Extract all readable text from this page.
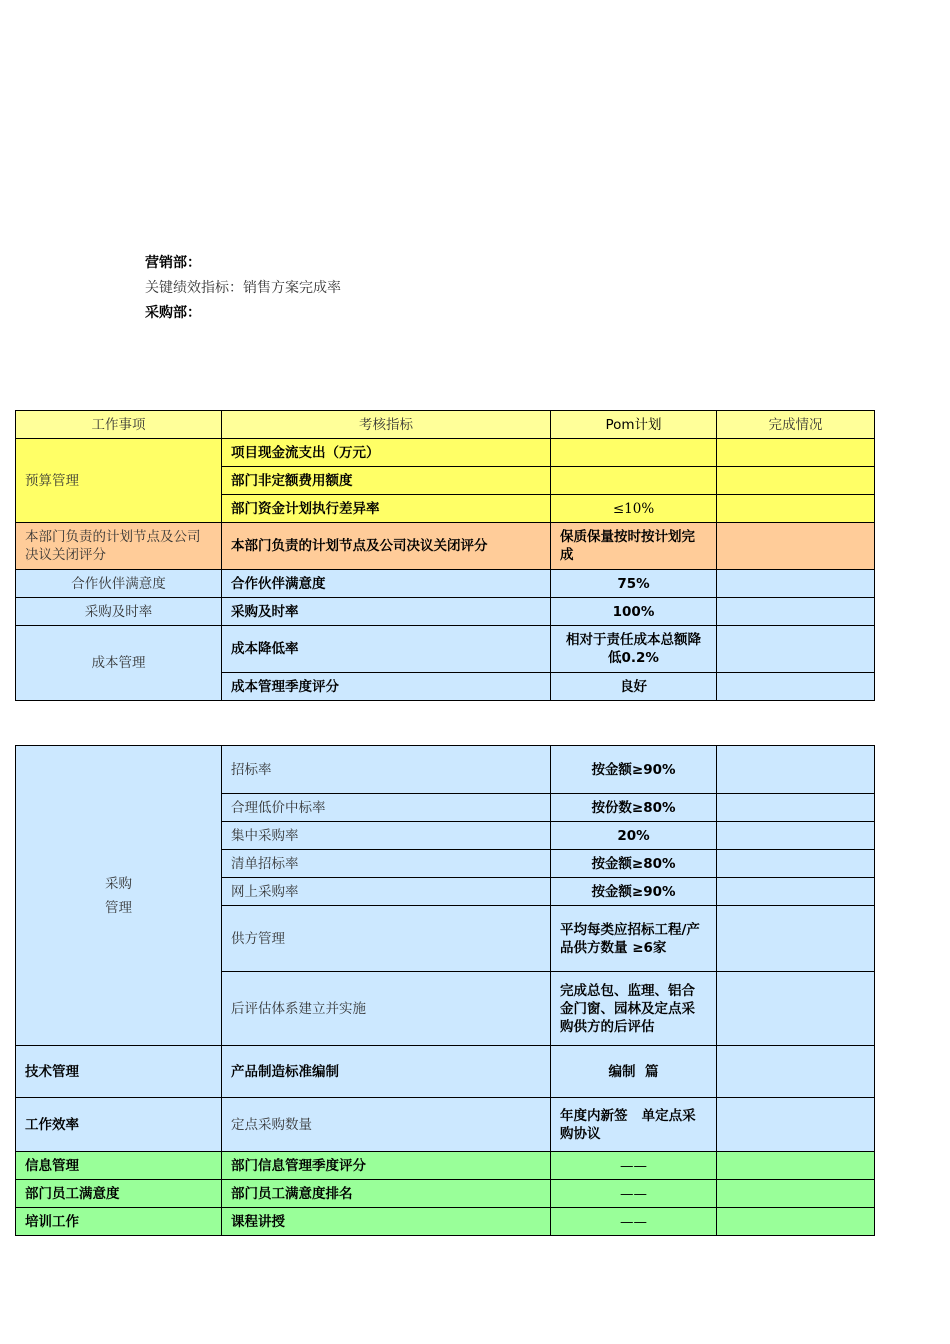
营销部：
关键绩效指标：销售方案完成率
采购部：
工作事项	考核指标	Pom计划	完成情况
预算管理	项目现金流支出（万元）		
	部门非定额费用额度		
	部门资金计划执行差异率	≤10%	
本部门负责的计划节点及公司决议关闭评分	本部门负责的计划节点及公司决议关闭评分	保质保量按时按计划完成	
合作伙伴满意度	合作伙伴满意度	75%	
采购及时率	采购及时率	100%	
成本管理	成本降低率	相对于责任成本总额降低0.2%	
	成本管理季度评分	良好	
采购
管理	招标率	按金额≥90%	
	合理低价中标率	按份数≥80%	
	集中采购率	20%	
	清单招标率	按金额≥80%	
	网上采购率	按金额≥90%	
	供方管理	平均每类应招标工程/产品供方数量 ≥6家	
	后评估体系建立并实施	完成总包、监理、铝合金门窗、园林及定点采购供方的后评估	
技术管理	产品制造标准编制	编制  篇	
工作效率	定点采购数量	年度内新签   单定点采购协议	
信息管理	部门信息管理季度评分	——	
部门员工满意度	部门员工满意度排名	——	
培训工作	课程讲授	——	
